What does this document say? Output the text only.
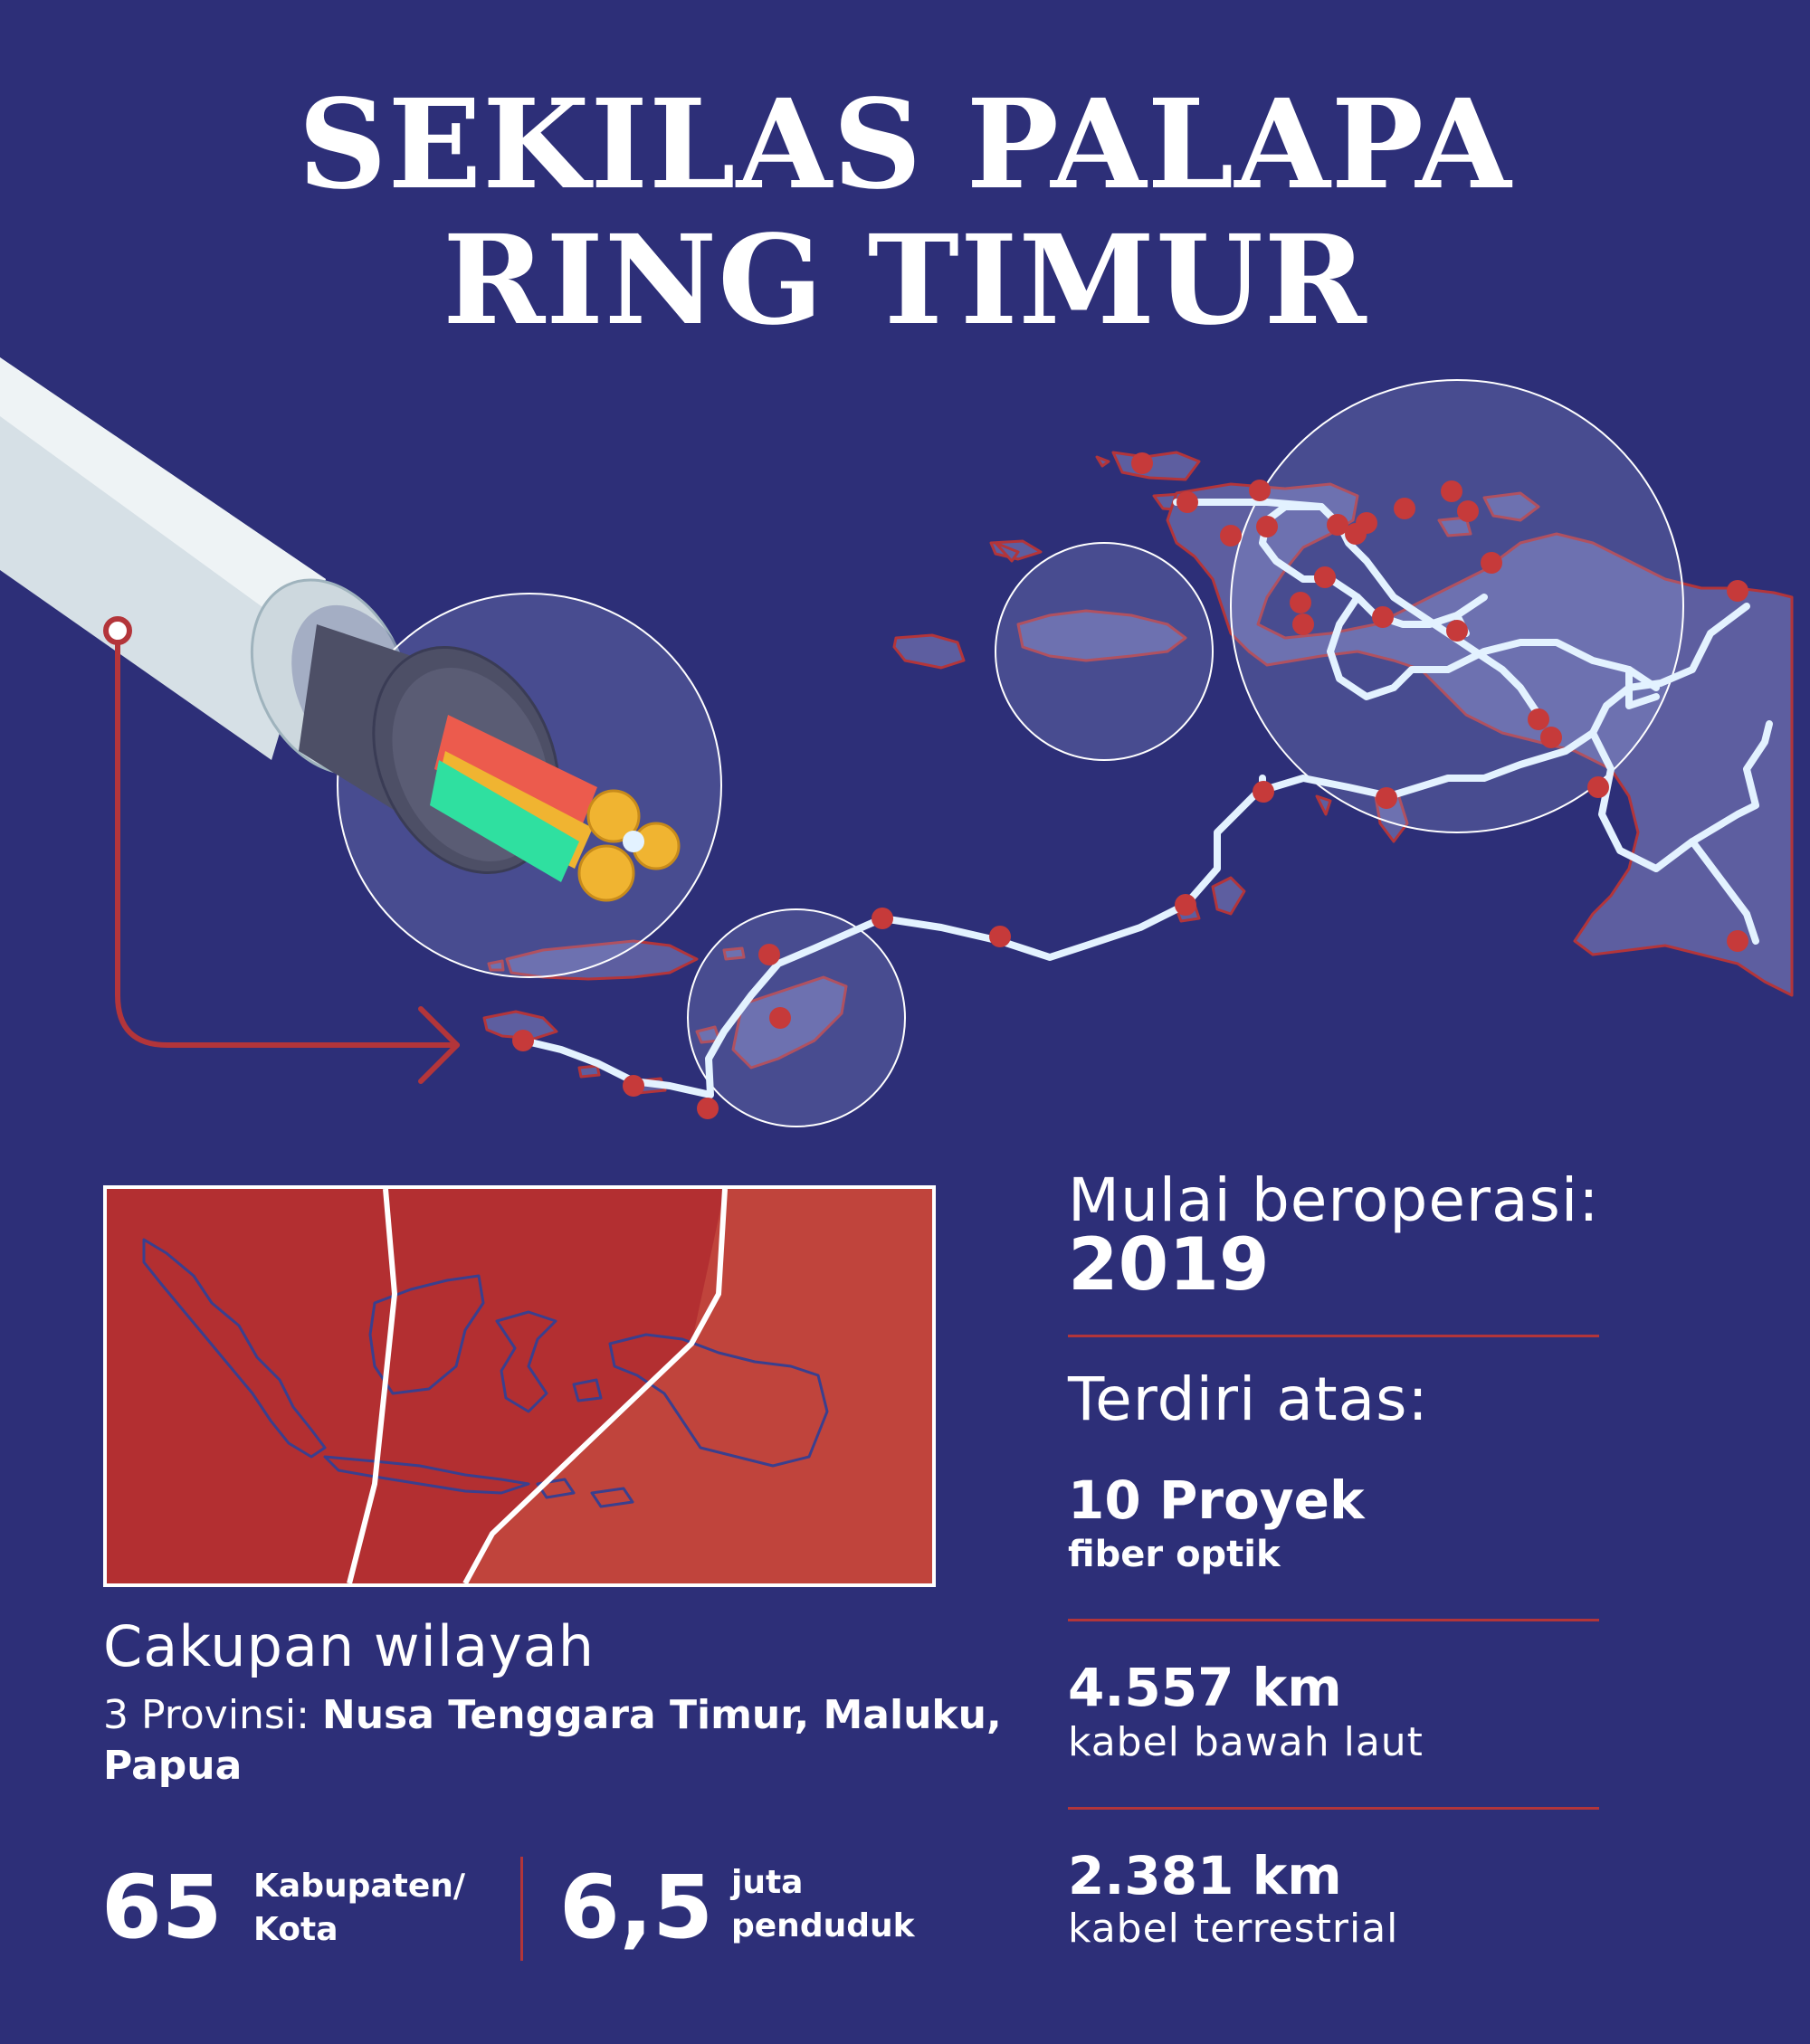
SEKILAS PALAPA
RING TIMUR
Mulai beroperasi:
2019
Terdiri atas:
10 Proyek
fiber optik
4.557 km
kabel bawah laut
2.381 km
kabel terrestrial
Cakupan wilayah
3 Provinsi: Nusa Tenggara Timur, Maluku, Papua
65 Kabupaten/
Kota	6,5 juta
penduduk
